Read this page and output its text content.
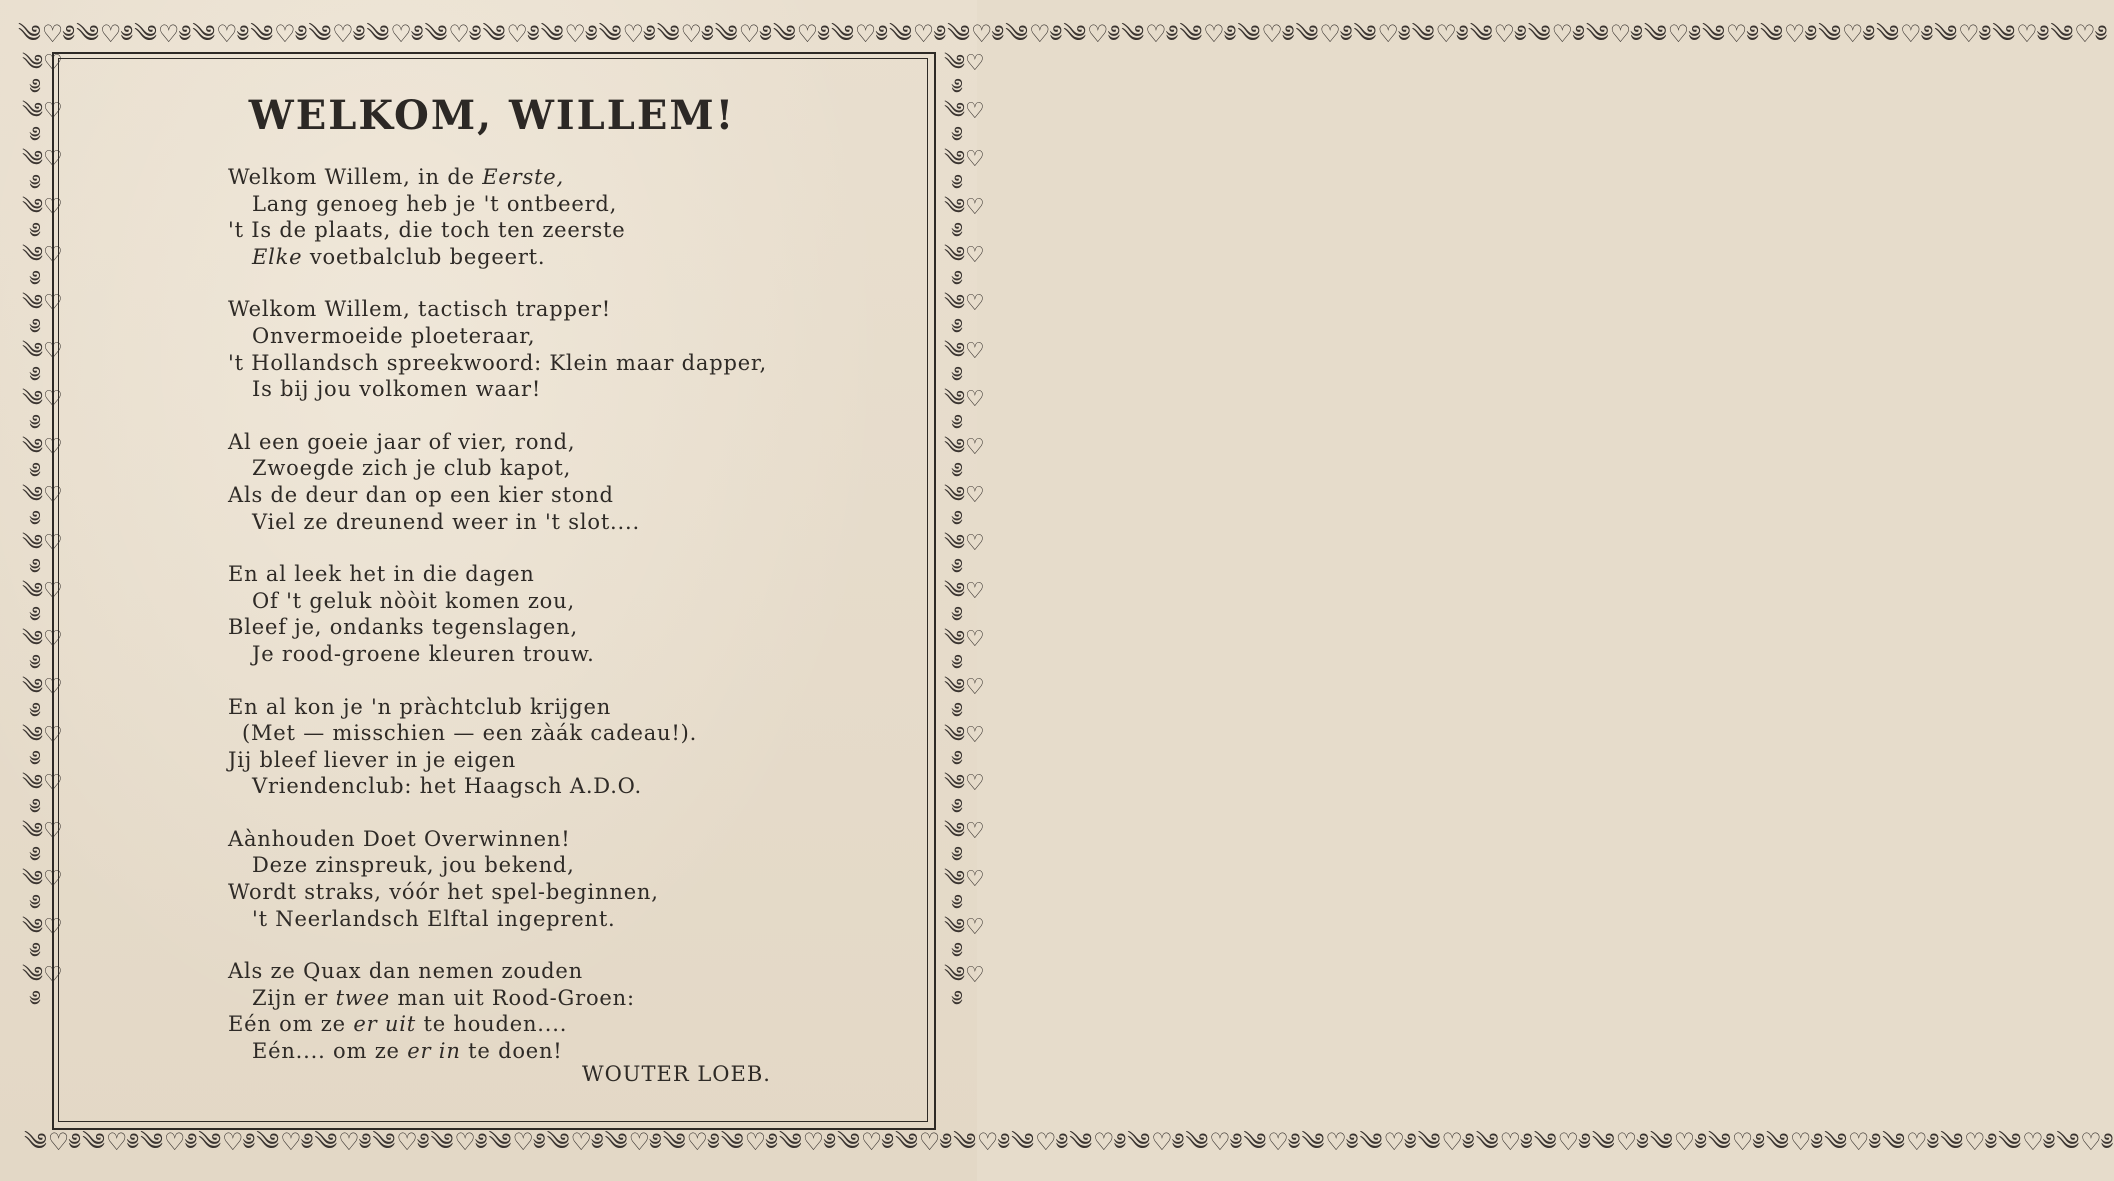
༄♡༅༄♡༅༄♡༅༄♡༅༄♡༅༄♡༅༄♡༅༄♡༅༄♡༅༄♡༅༄♡༅༄♡༅༄♡༅༄♡༅༄♡༅༄♡༅༄♡༅༄♡༅༄♡༅༄♡༅༄♡༅༄♡༅༄♡༅༄♡༅༄♡༅༄♡༅༄♡༅༄♡༅༄♡༅༄♡༅༄♡༅༄♡༅༄♡༅༄♡༅༄♡༅༄♡༅
༄♡༅༄♡༅༄♡༅༄♡༅༄♡༅༄♡༅༄♡༅༄♡༅༄♡༅༄♡༅༄♡༅༄♡༅༄♡༅༄♡༅༄♡༅༄♡༅༄♡༅༄♡༅༄♡༅༄♡༅༄♡༅༄♡༅༄♡༅༄♡༅༄♡༅༄♡༅༄♡༅༄♡༅༄♡༅༄♡༅༄♡༅༄♡༅༄♡༅༄♡༅༄♡༅༄♡༅
༄♡༅༄♡༅༄♡༅༄♡༅༄♡༅༄♡༅༄♡༅༄♡༅༄♡༅༄♡༅༄♡༅༄♡༅༄♡༅༄♡༅༄♡༅༄♡༅༄♡༅༄♡༅༄♡༅༄♡༅
༄♡༅༄♡༅༄♡༅༄♡༅༄♡༅༄♡༅༄♡༅༄♡༅༄♡༅༄♡༅༄♡༅༄♡༅༄♡༅༄♡༅༄♡༅༄♡༅༄♡༅༄♡༅༄♡༅༄♡༅
WELKOM, WILLEM!
Welkom Willem, in de Eerste,
Lang genoeg heb je 't ontbeerd,
't Is de plaats, die toch ten zeerste
Elke voetbalclub begeert.
Welkom Willem, tactisch trapper!
Onvermoeide ploeteraar,
't Hollandsch spreekwoord: Klein maar dapper,
Is bij jou volkomen waar!
Al een goeie jaar of vier, rond,
Zwoegde zich je club kapot,
Als de deur dan op een kier stond
Viel ze dreunend weer in 't slot....
En al leek het in die dagen
Of 't geluk nòòit komen zou,
Bleef je, ondanks tegenslagen,
Je rood-groene kleuren trouw.
En al kon je 'n pràchtclub krijgen
(Met — misschien — een zàák cadeau!).
Jij bleef liever in je eigen
Vriendenclub: het Haagsch A.D.O.
Aànhouden Doet Overwinnen!
Deze zinspreuk, jou bekend,
Wordt straks, vóór het spel-beginnen,
't Neerlandsch Elftal ingeprent.
Als ze Quax dan nemen zouden
Zijn er twee man uit Rood-Groen:
Eén om ze er uit te houden....
Eén.... om ze er in te doen!
WOUTER LOEB.
